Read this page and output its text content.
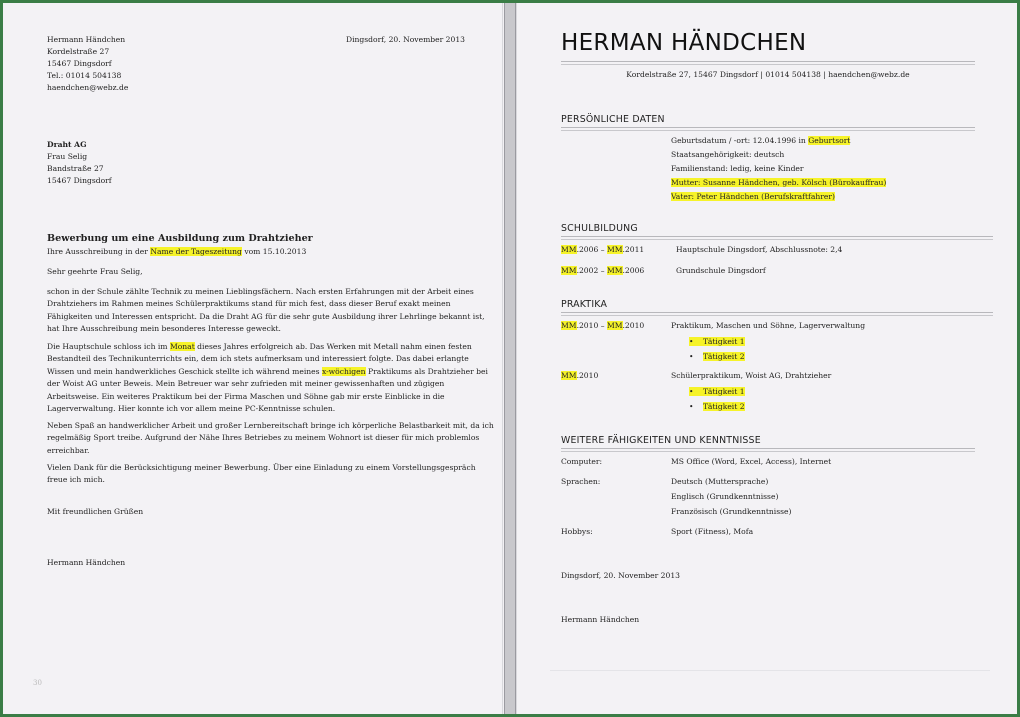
Hermann Händchen
Kordelstraße 27
15467 Dingsdorf
Tel.: 01014 504138
haendchen@webz.de
Dingsdorf, 20. November 2013
Draht AG
Frau Selig
Bandstraße 27
15467 Dingsdorf
Bewerbung um eine Ausbildung zum Drahtzieher
Ihre Ausschreibung in der Name der Tageszeitung vom 15.10.2013
Sehr geehrte Frau Selig,
schon in der Schule zählte Technik zu meinen Lieblingsfächern. Nach ersten Erfahrungen mit der Arbeit eines
Drahtziehers im Rahmen meines Schülerpraktikums stand für mich fest, dass dieser Beruf exakt meinen
Fähigkeiten und Interessen entspricht. Da die Draht AG für die sehr gute Ausbildung ihrer Lehrlinge bekannt ist,
hat Ihre Ausschreibung mein besonderes Interesse geweckt.
Die Hauptschule schloss ich im Monat dieses Jahres erfolgreich ab. Das Werken mit Metall nahm einen festen
Bestandteil des Technikunterrichts ein, dem ich stets aufmerksam und interessiert folgte. Das dabei erlangte
Wissen und mein handwerkliches Geschick stellte ich während meines x-wöchigen Praktikums als Drahtzieher bei
der Woist AG unter Beweis. Mein Betreuer war sehr zufrieden mit meiner gewissenhaften und zügigen
Arbeitsweise. Ein weiteres Praktikum bei der Firma Maschen und Söhne gab mir erste Einblicke in die
Lagerverwaltung. Hier konnte ich vor allem meine PC-Kenntnisse schulen.
Neben Spaß an handwerklicher Arbeit und großer Lernbereitschaft bringe ich körperliche Belastbarkeit mit, da ich
regelmäßig Sport treibe. Aufgrund der Nähe Ihres Betriebes zu meinem Wohnort ist dieser für mich problemlos
erreichbar.
Vielen Dank für die Berücksichtigung meiner Bewerbung. Über eine Einladung zu einem Vorstellungsgespräch
freue ich mich.
Mit freundlichen Grüßen
Hermann Händchen
30
HERMAN HÄNDCHEN
Kordelstraße 27, 15467 Dingsdorf | 01014 504138 | haendchen@webz.de
PERSÖNLICHE DATEN
Geburtsdatum / -ort: 12.04.1996 in Geburtsort
Staatsangehörigkeit: deutsch
Familienstand: ledig, keine Kinder
Mutter: Susanne Händchen, geb. Kölsch (Bürokauffrau)
Vater: Peter Händchen (Berufskraftfahrer)
SCHULBILDUNG
MM.2006 – MM.2011	Hauptschule Dingsdorf, Abschlussnote: 2,4
MM.2002 – MM.2006	Grundschule Dingsdorf
PRAKTIKA
MM.2010 – MM.2010	Praktikum, Maschen und Söhne, Lagerverwaltung
• Tätigkeit 1
• Tätigkeit 2
MM.2010	Schülerpraktikum, Woist AG, Drahtzieher
• Tätigkeit 1
• Tätigkeit 2
WEITERE FÄHIGKEITEN UND KENNTNISSE
Computer:	MS Office (Word, Excel, Access), Internet
Sprachen:	Deutsch (Muttersprache)
Englisch (Grundkenntnisse)
Französisch (Grundkenntnisse)
Hobbys:	Sport (Fitness), Mofa
Dingsdorf, 20. November 2013
Hermann Händchen
